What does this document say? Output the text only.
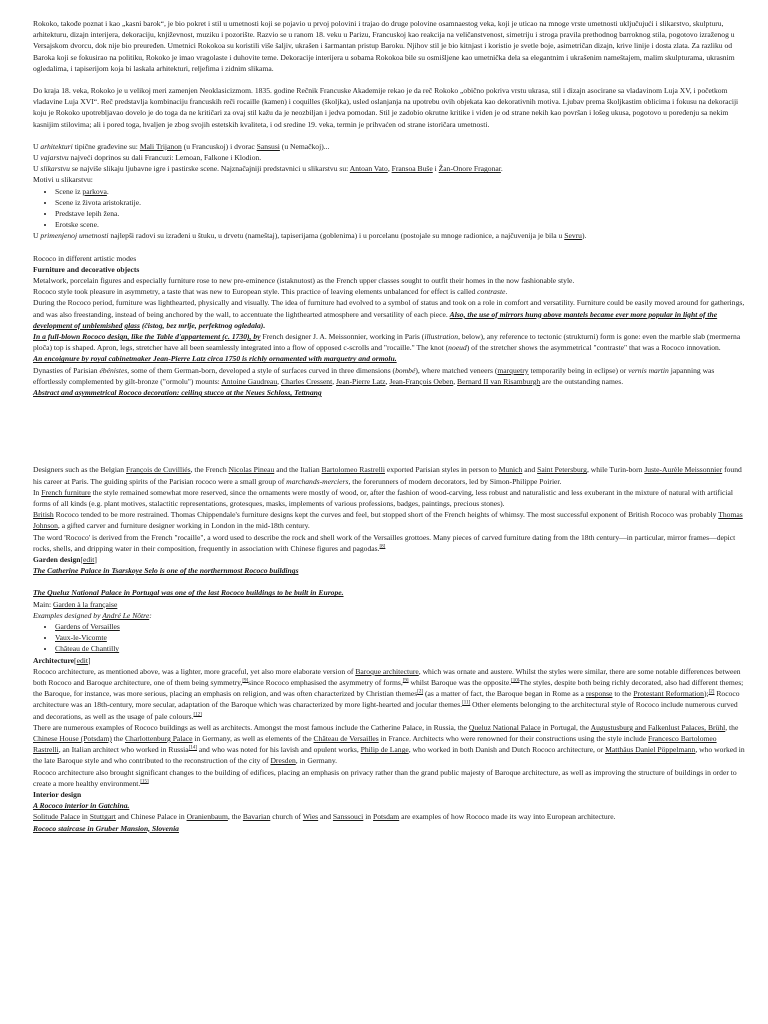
Rokoko, takođe poznat i kao „kasni barok“, je bio pokret i stil u umetnosti koji se pojavio u prvoj polovini i trajao do druge polovine osamnaestog veka, koji je uticao na mnoge vrste umetnosti uključujući i slikarstvo, skulpturu, arhitekturu, dizajn interijera, dekoraciju, književnost, muziku i pozorište. Razvio se u ranom 18. veku u Parizu, Francuskoj kao reakcija na veličanstvenost, simetriju i stroga pravila prethodnog barroknog stila, pogotovo izraženog u Versajskom dvorcu, dok nije bio preuređen. Umetnici Rokokoa su koristili više šaljiv, ukrašen i šarmantan pristup Baroku. Njihov stil je bio kitnjast i koristio je svetle boje, asimetričan dizajn, krive linije i dosta zlata. Za razliku od Baroka koji se fokusirao na politiku, Rokoko je imao vragolaste i duhovite teme. Dekoracije interijera u sobama Rokokoa bile su osmišljene kao umetnička dela sa elegantnim i ukrašenim nameštajem, malim skulpturama, ukrasnim ogledalima, i tapiserijom koja bi laskala arhitekturi, reljefima i zidnim slikama.

Do kraja 18. veka, Rokoko je u velikoj meri zamenjen Neoklasicizmom. 1835. godine Rečnik Francuske Akademije rekao je da reč Rokoko „obično pokriva vrstu ukrasa, stil i dizajn asocirane sa vladavinom Luja XV, i početkom vladavine Luja XVI“. Reč predstavlja kombinaciju francuskih reči rocaille (kamen) i coquilles (školjka), usled oslanjanja na upotrebu ovih objekata kao dekorativnih motiva. Ljubav prema školjkastim oblicima i fokusu na dekoraciji koju je Rokoko upotrebljavao dovelo je do toga da ne kritičari za ovaj stil kažu da je neozbiljan i jedva pomodan. Stil je zadobio okrutne kritike i viđen je od strane nekih kao površan i lošeg ukusa, pogotovo u poređenju sa nekim kasnijim stilovima; ali i pored toga, hvaljen je zbog svojih estetskih kvaliteta, i od sredine 19. veka, termin je prihvaćen od strane istoričara umetnosti.

U arhitekturi tipične građevine su: Mali Trijanon (u Francuskoj) i dvorac Sansusi (u Nemačkoj)...

U vajarstvu najveći doprinos su dali Francuzi: Lemoan, Falkone i Klodion.

U slikarstvu se najviše slikaju ljubavne igre i pastirske scene. Najznačajniji predstavnici u slikarstvu su: Antoan Vato, Fransoa Buše i Žan-Onore Fragonar.

Motivi u slikarstvu:

• Scene iz parkova.
• Scene iz života aristokratije.
• Predstave lepih žena.
• Erotske scene.

U primenjenoj umetnosti najlepši radovi su izrađeni u štuku, u drvetu (nameštaj), tapiserijama (goblenima) i u porcelanu (postojale su mnoge radionice, a najčuvenija je bila u Sevru).

Rococo in different artistic modes

Furniture and decorative objects

Metalwork, porcelain figures and especially furniture rose to new pre-eminence (istaknutost) as the French upper classes sought to outfit their homes in the now fashionable style.

Rococo style took pleasure in asymmetry, a taste that was new to European style. This practice of leaving elements unbalanced for effect is called contraste.

During the Rococo period, furniture was lighthearted, physically and visually. The idea of furniture had evolved to a symbol of status and took on a role in comfort and versatility. Furniture could be easily moved around for gatherings, and was also freestanding, instead of being anchored by the wall, to accentuate the lighthearted atmosphere and versatility of each piece. Also, the use of mirrors hung above mantels became ever more popular in light of the development of unblemished glass (čistog, bez mrlje, perfektnog ogledala).

In a full-blown Rococo design, like the Table d'appartement (c. 1730), by French designer J. A. Meissonnier, working in Paris (illustration, below), any reference to tectonic (strukturni) form is gone: even the marble slab (mermerna ploča) top is shaped. Apron, legs, stretcher have all been seamlessly integrated into a flow of opposed c-scrolls and "rocaille." The knot (noeud) of the stretcher shows the asymmetrical "contraste" that was a Rococo innovation.

An encoignure by royal cabinetmaker Jean-Pierre Latz circa 1750 is richly ornamented with marquetry and ormolu.

Dynasties of Parisian ébénistes, some of them German-born, developed a style of surfaces curved in three dimensions (bombé), where matched veneers (marquetry temporarily being in eclipse) or vernis martin japanning was effortlessly complemented by gilt-bronze ("ormolu") mounts: Antoine Gaudreau, Charles Cressent, Jean-Pierre Latz, Jean-François Oeben, Bernard II van Risamburgh are the outstanding names.

Abstract and asymmetrical Rococo decoration: ceiling stucco at the Neues Schloss, Tettnang

Designers such as the Belgian François de Cuvilliés, the French Nicolas Pineau and the Italian Bartolomeo Rastrelli exported Parisian styles in person to Munich and Saint Petersburg, while Turin-born Juste-Aurèle Meissonnier found his career at Paris. The guiding spirits of the Parisian rococo were a small group of marchands-merciers, the forerunners of modern decorators, led by Simon-Philippe Poirier.

In French furniture the style remained somewhat more reserved, since the ornaments were mostly of wood, or, after the fashion of wood-carving, less robust and naturalistic and less exuberant in the mixture of natural with artificial forms of all kinds (e.g. plant motives, stalactitic representations, grotesques, masks, implements of various professions, badges, paintings, precious stones).

British Rococo tended to be more restrained. Thomas Chippendale's furniture designs kept the curves and feel, but stopped short of the French heights of whimsy. The most successful exponent of British Rococo was probably Thomas Johnson, a gifted carver and furniture designer working in London in the mid-18th century.

The word 'Rococo' is derived from the French "rocaille", a word used to describe the rock and shell work of the Versailles grottoes. Many pieces of carved furniture dating from the 18th century—in particular, mirror frames—depict rocks, shells, and dripping water in their composition, frequently in association with Chinese figures and pagodas.[8]

Garden design[edit]

The Catherine Palace in Tsarskoye Selo is one of the northernmost Rococo buildings

The Queluz National Palace in Portugal was one of the last Rococo buildings to be built in Europe.

Main: Garden à la française

Examples designed by André Le Nôtre:

• Gardens of Versailles
• Vaux-le-Vicomte
• Château de Chantilly

Architecture[edit]

Rococo architecture, as mentioned above, was a lighter, more graceful, yet also more elaborate version of Baroque architecture, which was ornate and austere. Whilst the styles were similar, there are some notable differences between both Rococo and Baroque architecture, one of them being symmetry,[9]since Rococo emphasised the asymmetry of forms,[9] whilst Baroque was the opposite.[10]The styles, despite both being richly decorated, also had different themes; the Baroque, for instance, was more serious, placing an emphasis on religion, and was often characterized by Christian themes[2] (as a matter of fact, the Baroque began in Rome as a response to the Protestant Reformation);[2] Rococo architecture was an 18th-century, more secular, adaptation of the Baroque which was characterized by more light-hearted and jocular themes.[11] Other elements belonging to the architectural style of Rococo include numerous curved and decorations, as well as the usage of pale colours.[12]

There are numerous examples of Rococo buildings as well as architects. Amongst the most famous include the Catherine Palace, in Russia, the Queluz National Palace in Portugal, the Augustusburg and Falkenlust Palaces, Brühl, the Chinese House (Potsdam) the Charlottenburg Palace in Germany, as well as elements of the Château de Versailles in France. Architects who were renowned for their constructions using the style include Francesco Bartolomeo Rastrelli, an Italian architect who worked in Russia[14] and who was noted for his lavish and opulent works, Philip de Lange, who worked in both Danish and Dutch Rococo architecture, or Matthäus Daniel Pöppelmann, who worked in the late Baroque style and who contributed to the reconstruction of the city of Dresden, in Germany.

Rococo architecture also brought significant changes to the building of edifices, placing an emphasis on privacy rather than the grand public majesty of Baroque architecture, as well as improving the structure of buildings in order to create a more healthy environment.[15]

Interior design

A Rococo interior in Gatchina.

Solitude Palace in Stuttgart and Chinese Palace in Oranienbaum, the Bavarian church of Wies and Sanssouci in Potsdam are examples of how Rococo made its way into European architecture.

Rococo staircase in Gruber Mansion, Slovenia
